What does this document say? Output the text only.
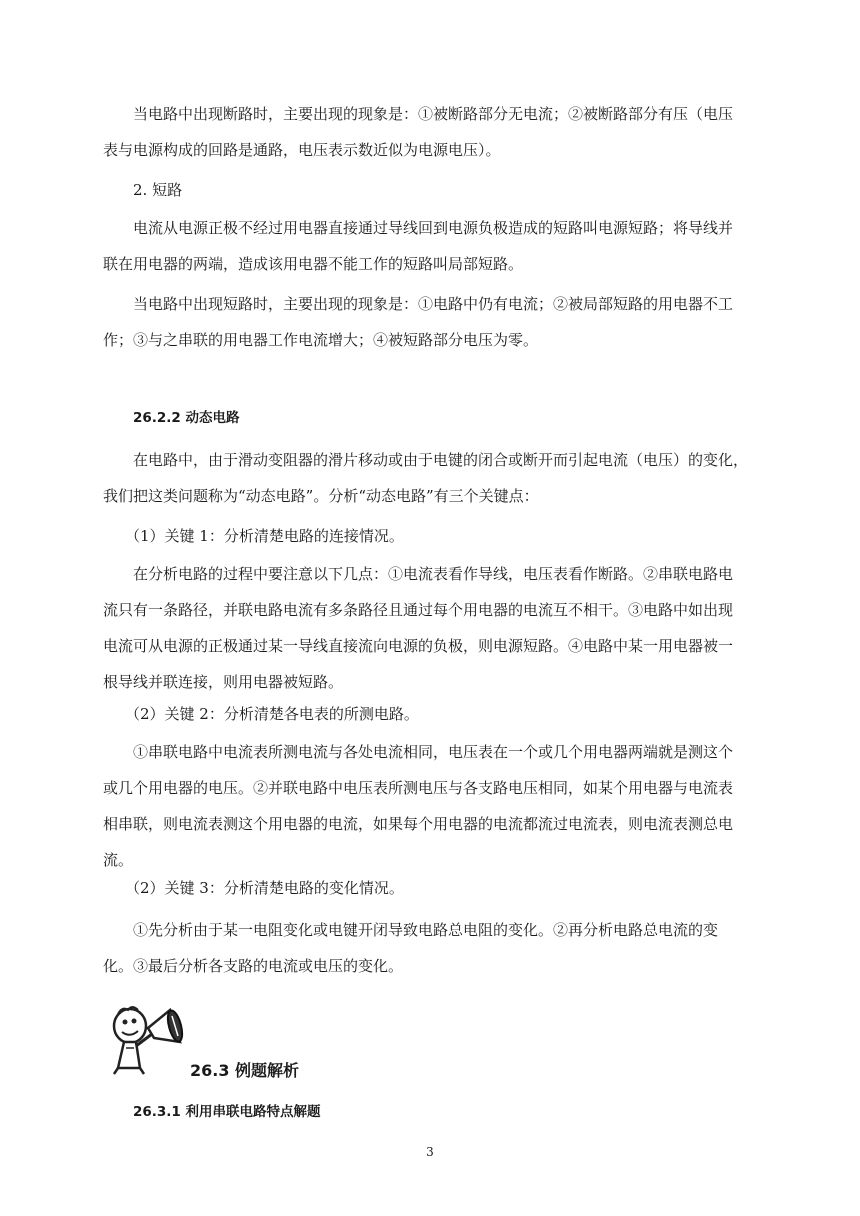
当电路中出现断路时，主要出现的现象是：①被断路部分无电流；②被断路部分有压（电压
表与电源构成的回路是通路，电压表示数近似为电源电压）。
2. 短路
电流从电源正极不经过用电器直接通过导线回到电源负极造成的短路叫电源短路；将导线并
联在用电器的两端，造成该用电器不能工作的短路叫局部短路。
当电路中出现短路时，主要出现的现象是：①电路中仍有电流；②被局部短路的用电器不工
作；③与之串联的用电器工作电流增大；④被短路部分电压为零。
26.2.2 动态电路
在电路中，由于滑动变阻器的滑片移动或由于电键的闭合或断开而引起电流（电压）的变化，
我们把这类问题称为“动态电路”。分析“动态电路”有三个关键点：
（1）关键 1：分析清楚电路的连接情况。
在分析电路的过程中要注意以下几点：①电流表看作导线，电压表看作断路。②串联电路电
流只有一条路径，并联电路电流有多条路径且通过每个用电器的电流互不相干。③电路中如出现
电流可从电源的正极通过某一导线直接流向电源的负极，则电源短路。④电路中某一用电器被一
根导线并联连接，则用电器被短路。
（2）关键 2：分析清楚各电表的所测电路。
①串联电路中电流表所测电流与各处电流相同，电压表在一个或几个用电器两端就是测这个
或几个用电器的电压。②并联电路中电压表所测电压与各支路电压相同，如某个用电器与电流表
相串联，则电流表测这个用电器的电流，如果每个用电器的电流都流过电流表，则电流表测总电
流。
（2）关键 3：分析清楚电路的变化情况。
①先分析由于某一电阻变化或电键开闭导致电路总电阻的变化。②再分析电路总电流的变
化。③最后分析各支路的电流或电压的变化。
26.3 例题解析
26.3.1 利用串联电路特点解题
3
